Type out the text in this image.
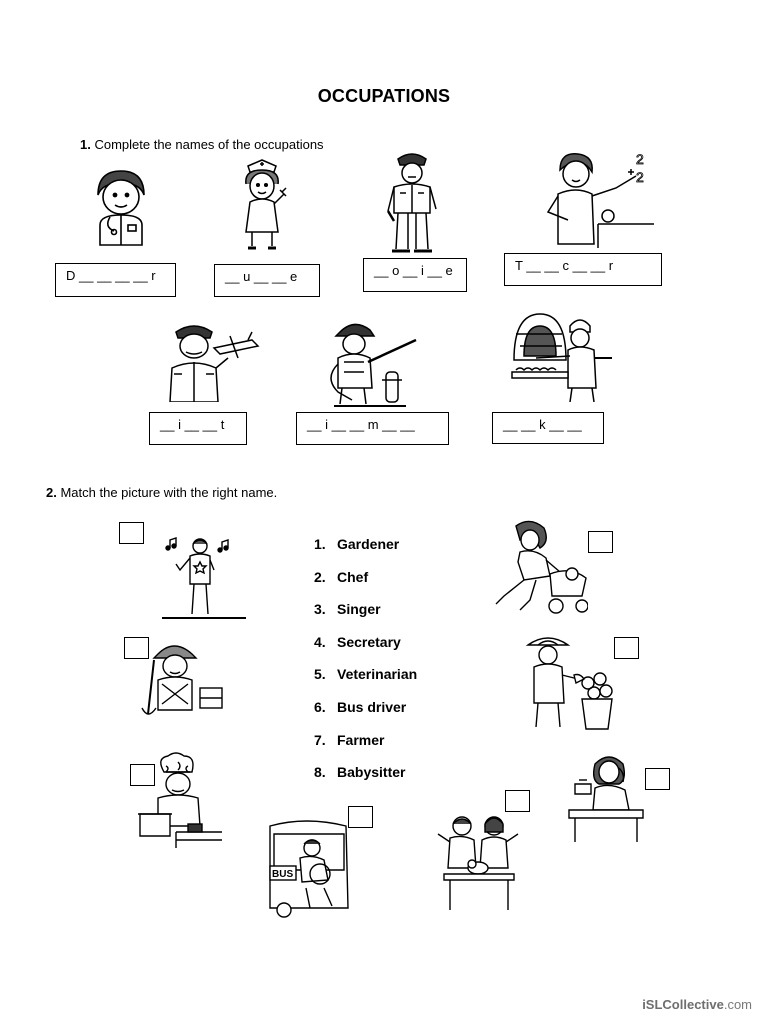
OCCUPATIONS
1. Complete the names of the occupations
2
2
D __ __ __ __ r	__ u __ __ e	__ o __ i __ e	T __ __ c __ __ r
__ i __ __ t	__ i __ __ m __ __	__ __ k __ __
2. Match the picture with the right name.
1. Gardener
2. Chef
3. Singer
4. Secretary
5. Veterinarian
6. Bus driver
7. Farmer
8. Babysitter
BUS
iSLCollective.com
